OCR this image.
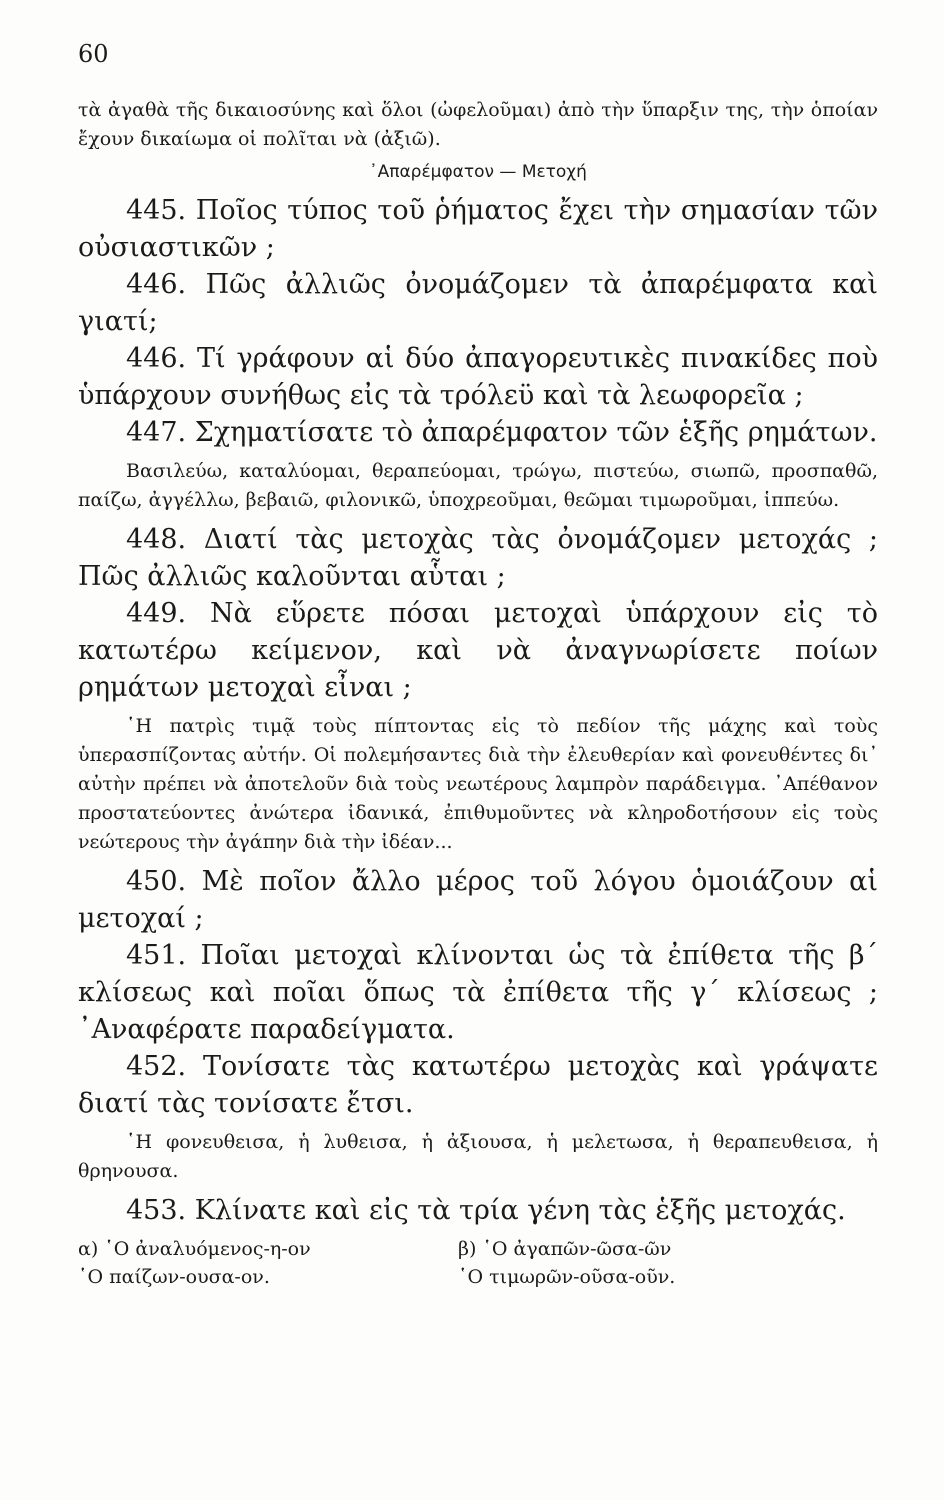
60

τὰ ἀγαθὰ τῆς δικαιοσύνης καὶ ὅλοι (ὠφελοῦμαι) ἀπὸ τὴν ὕπαρξιν της, τὴν ὁποίαν ἔχουν δικαίωμα οἱ πολῖται νὰ (ἀξιῶ).

᾿Απαρέμφατον — Μετοχή

445. Ποῖος τύπος τοῦ ῥήματος ἔχει τὴν σημασίαν τῶν οὐσιαστικῶν ;

446. Πῶς ἀλλιῶς ὀνομάζομεν τὰ ἀπαρέμφατα καὶ γιατί;

446. Τί γράφουν αἱ δύο ἀπαγορευτικὲς πινακίδες ποὺ ὑπάρχουν συνήθως εἰς τὰ τρόλεϋ καὶ τὰ λεωφορεῖα ;

447. Σχηματίσατε τὸ ἀπαρέμφατον τῶν ἑξῆς ρημάτων.

Βασιλεύω, καταλύομαι, θεραπεύομαι, τρώγω, πιστεύω, σιωπῶ, προσπαθῶ, παίζω, ἀγγέλλω, βεβαιῶ, φιλονικῶ, ὑποχρεοῦμαι, θεῶμαι τιμωροῦμαι, ἱππεύω.

448. Διατί τὰς μετοχὰς τὰς ὀνομάζομεν μετοχάς ; Πῶς ἀλλιῶς καλοῦνται αὗται ;

449. Νὰ εὕρετε πόσαι μετοχαὶ ὑπάρχουν εἰς τὸ κατωτέρω κείμενον, καὶ νὰ ἀναγνωρίσετε ποίων ρημάτων μετοχαὶ εἶναι ;

῾Η πατρὶς τιμᾷ τοὺς πίπτοντας εἰς τὸ πεδίον τῆς μάχης καὶ τοὺς ὑπερασπίζοντας αὐτήν. Οἱ πολεμήσαντες διὰ τὴν ἐλευθερίαν καὶ φονευθέντες δι᾿ αὐτὴν πρέπει νὰ ἀποτελοῦν διὰ τοὺς νεωτέρους λαμπρὸν παράδειγμα. ᾿Απέθανον προστατεύοντες ἀνώτερα ἰδανικά, ἐπιθυμοῦντες νὰ κληροδοτήσουν εἰς τοὺς νεώτερους τὴν ἀγάπην διὰ τὴν ἰδέαν...

450. Μὲ ποῖον ἄλλο μέρος τοῦ λόγου ὁμοιάζουν αἱ μετοχαί ;

451. Ποῖαι μετοχαὶ κλίνονται ὡς τὰ ἐπίθετα τῆς β΄ κλίσεως καὶ ποῖαι ὅπως τὰ ἐπίθετα τῆς γ΄ κλίσεως ; ᾿Αναφέρατε παραδείγματα.

452. Τονίσατε τὰς κατωτέρω μετοχὰς καὶ γράψατε διατί τὰς τονίσατε ἔτσι.

῾Η φονευθεισα, ἡ λυθεισα, ἡ ἀξιουσα, ἡ μελετωσα, ἡ θεραπευθεισα, ἡ θρηνουσα.

453. Κλίνατε καὶ εἰς τὰ τρία γένη τὰς ἑξῆς μετοχάς.

α) ῾Ο ἀναλυόμενος-η-ον	β) ῾Ο ἀγαπῶν-ῶσα-ῶν
῾Ο παίζων-ουσα-ον.	῾Ο τιμωρῶν-οῦσα-οῦν.
